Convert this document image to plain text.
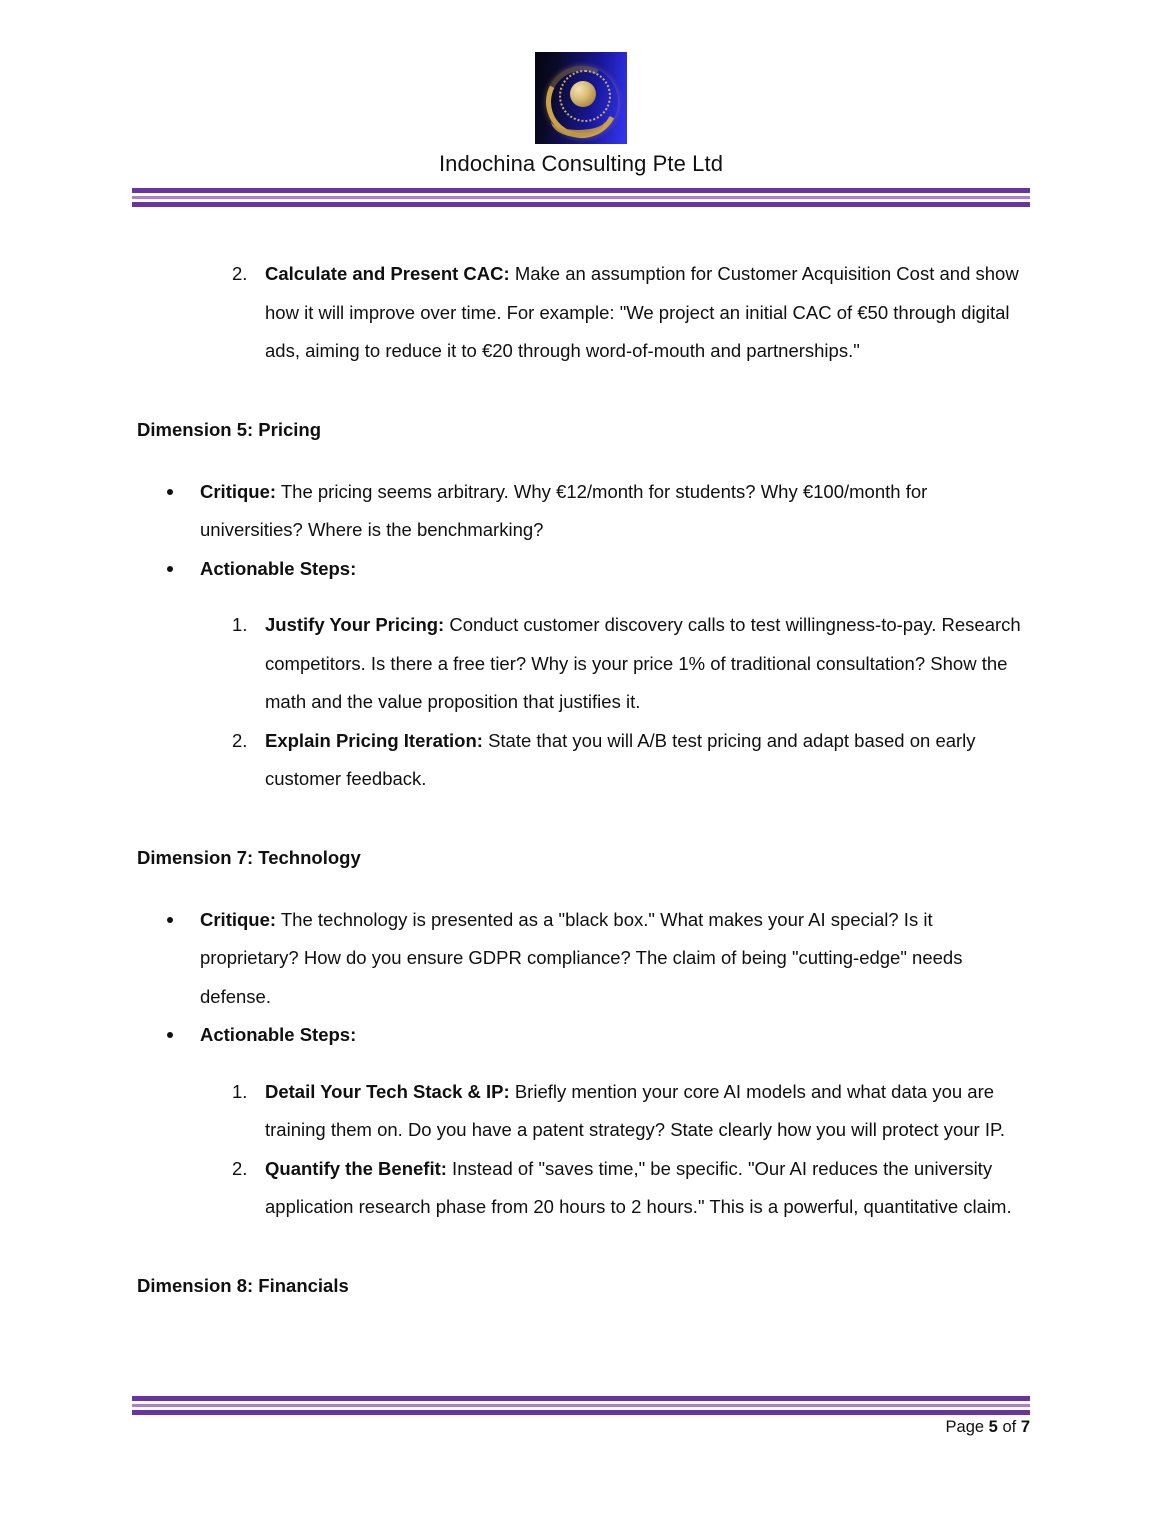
Indochina Consulting Pte Ltd
2. Calculate and Present CAC: Make an assumption for Customer Acquisition Cost and show how it will improve over time. For example: "We project an initial CAC of €50 through digital ads, aiming to reduce it to €20 through word-of-mouth and partnerships."
Dimension 5: Pricing
Critique: The pricing seems arbitrary. Why €12/month for students? Why €100/month for universities? Where is the benchmarking?
Actionable Steps:
1. Justify Your Pricing: Conduct customer discovery calls to test willingness-to-pay. Research competitors. Is there a free tier? Why is your price 1% of traditional consultation? Show the math and the value proposition that justifies it.
2. Explain Pricing Iteration: State that you will A/B test pricing and adapt based on early customer feedback.
Dimension 7: Technology
Critique: The technology is presented as a "black box." What makes your AI special? Is it proprietary? How do you ensure GDPR compliance? The claim of being "cutting-edge" needs defense.
Actionable Steps:
1. Detail Your Tech Stack & IP: Briefly mention your core AI models and what data you are training them on. Do you have a patent strategy? State clearly how you will protect your IP.
2. Quantify the Benefit: Instead of "saves time," be specific. "Our AI reduces the university application research phase from 20 hours to 2 hours." This is a powerful, quantitative claim.
Dimension 8: Financials
Page 5 of 7
